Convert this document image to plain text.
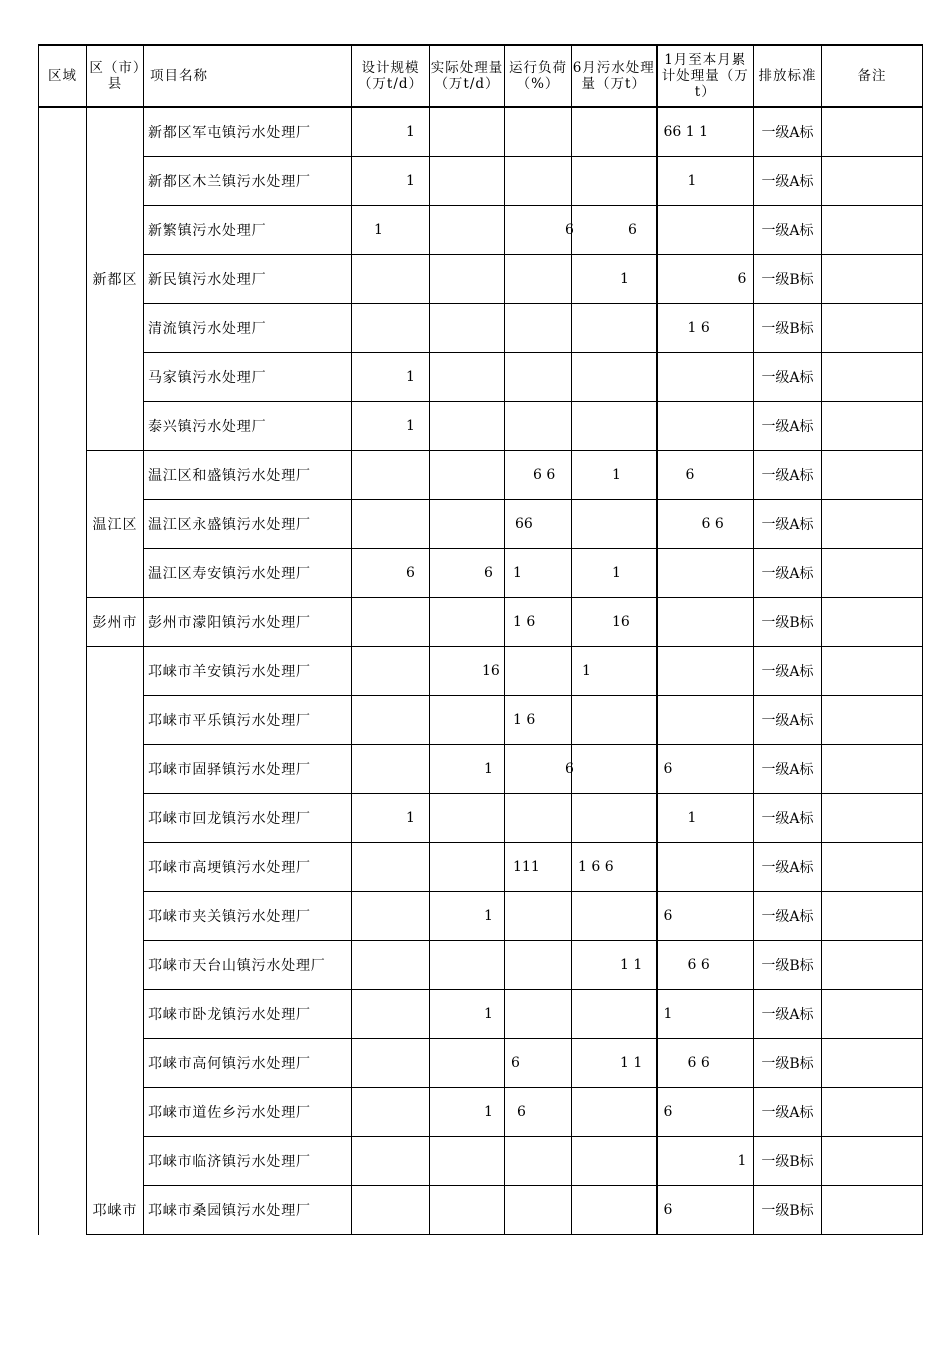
区域	区（市）县	项目名称	设计规模（万t/d）	实际处理量（万t/d）	运行负荷（%）	6月污水处理量（万t）	1月至本月累计处理量（万t）	排放标准	备注
	新都区	新都区军屯镇污水处理厂	1				66 1 1	一级A标	
		新都区木兰镇污水处理厂	1				1	一级A标	
		新繁镇污水处理厂	1		6	6		一级A标	
		新民镇污水处理厂				1	6	一级B标	
		清流镇污水处理厂					1 6	一级B标	
		马家镇污水处理厂	1					一级A标	
		泰兴镇污水处理厂	1					一级A标	
	温江区	温江区和盛镇污水处理厂			6 6	1	6	一级A标	
		温江区永盛镇污水处理厂			66		6 6	一级A标	
		温江区寿安镇污水处理厂	6	6	1	1		一级A标	
	彭州市	彭州市濛阳镇污水处理厂			1 6	16		一级B标	
	邛崃市	邛崃市羊安镇污水处理厂		16		1		一级A标	
		邛崃市平乐镇污水处理厂			1 6			一级A标	
		邛崃市固驿镇污水处理厂		1	6		6	一级A标	
		邛崃市回龙镇污水处理厂	1				1	一级A标	
		邛崃市高埂镇污水处理厂			111	1 6 6		一级A标	
		邛崃市夹关镇污水处理厂		1			6	一级A标	
		邛崃市天台山镇污水处理厂				1 1	6 6	一级B标	
		邛崃市卧龙镇污水处理厂		1			1	一级A标	
		邛崃市高何镇污水处理厂			6	1 1	6 6	一级B标	
		邛崃市道佐乡污水处理厂		1	6		6	一级A标	
		邛崃市临济镇污水处理厂					1	一级B标	
		邛崃市桑园镇污水处理厂					6	一级B标	
